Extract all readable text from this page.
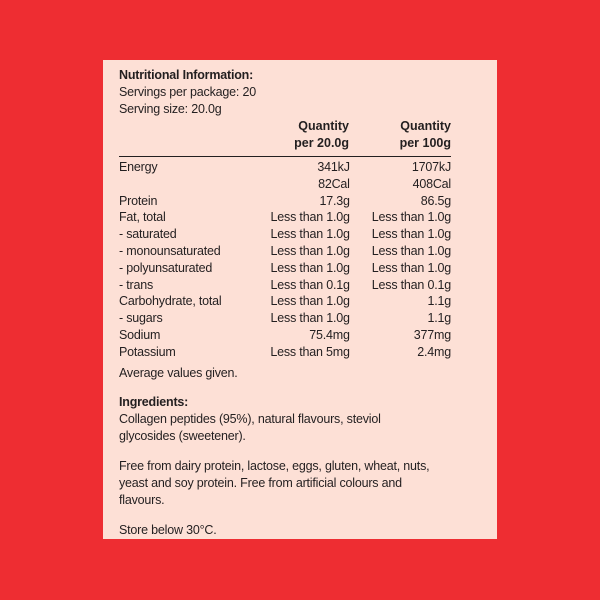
Nutritional Information:
Servings per package: 20
Serving size: 20.0g
Quantity
per 20.0g
Quantity
per 100g
Energy	341kJ	1707kJ
	82Cal	408Cal

Protein	17.3g	86.5g
Fat, total	Less than 1.0g	Less than 1.0g
- saturated	Less than 1.0g	Less than 1.0g
- monounsaturated	Less than 1.0g	Less than 1.0g
- polyunsaturated	Less than 1.0g	Less than 1.0g
- trans	Less than 0.1g	Less than 0.1g
Carbohydrate, total	Less than 1.0g	1.1g
- sugars	Less than 1.0g	1.1g
Sodium	75.4mg	377mg
Potassium	Less than 5mg	2.4mg
Average values given.
Ingredients:

Collagen peptides (95%), natural flavours, steviol glycosides (sweetener).

Free from dairy protein, lactose, eggs, gluten, wheat, nuts, yeast and soy protein. Free from artificial colours and flavours.

Store below 30°C.
